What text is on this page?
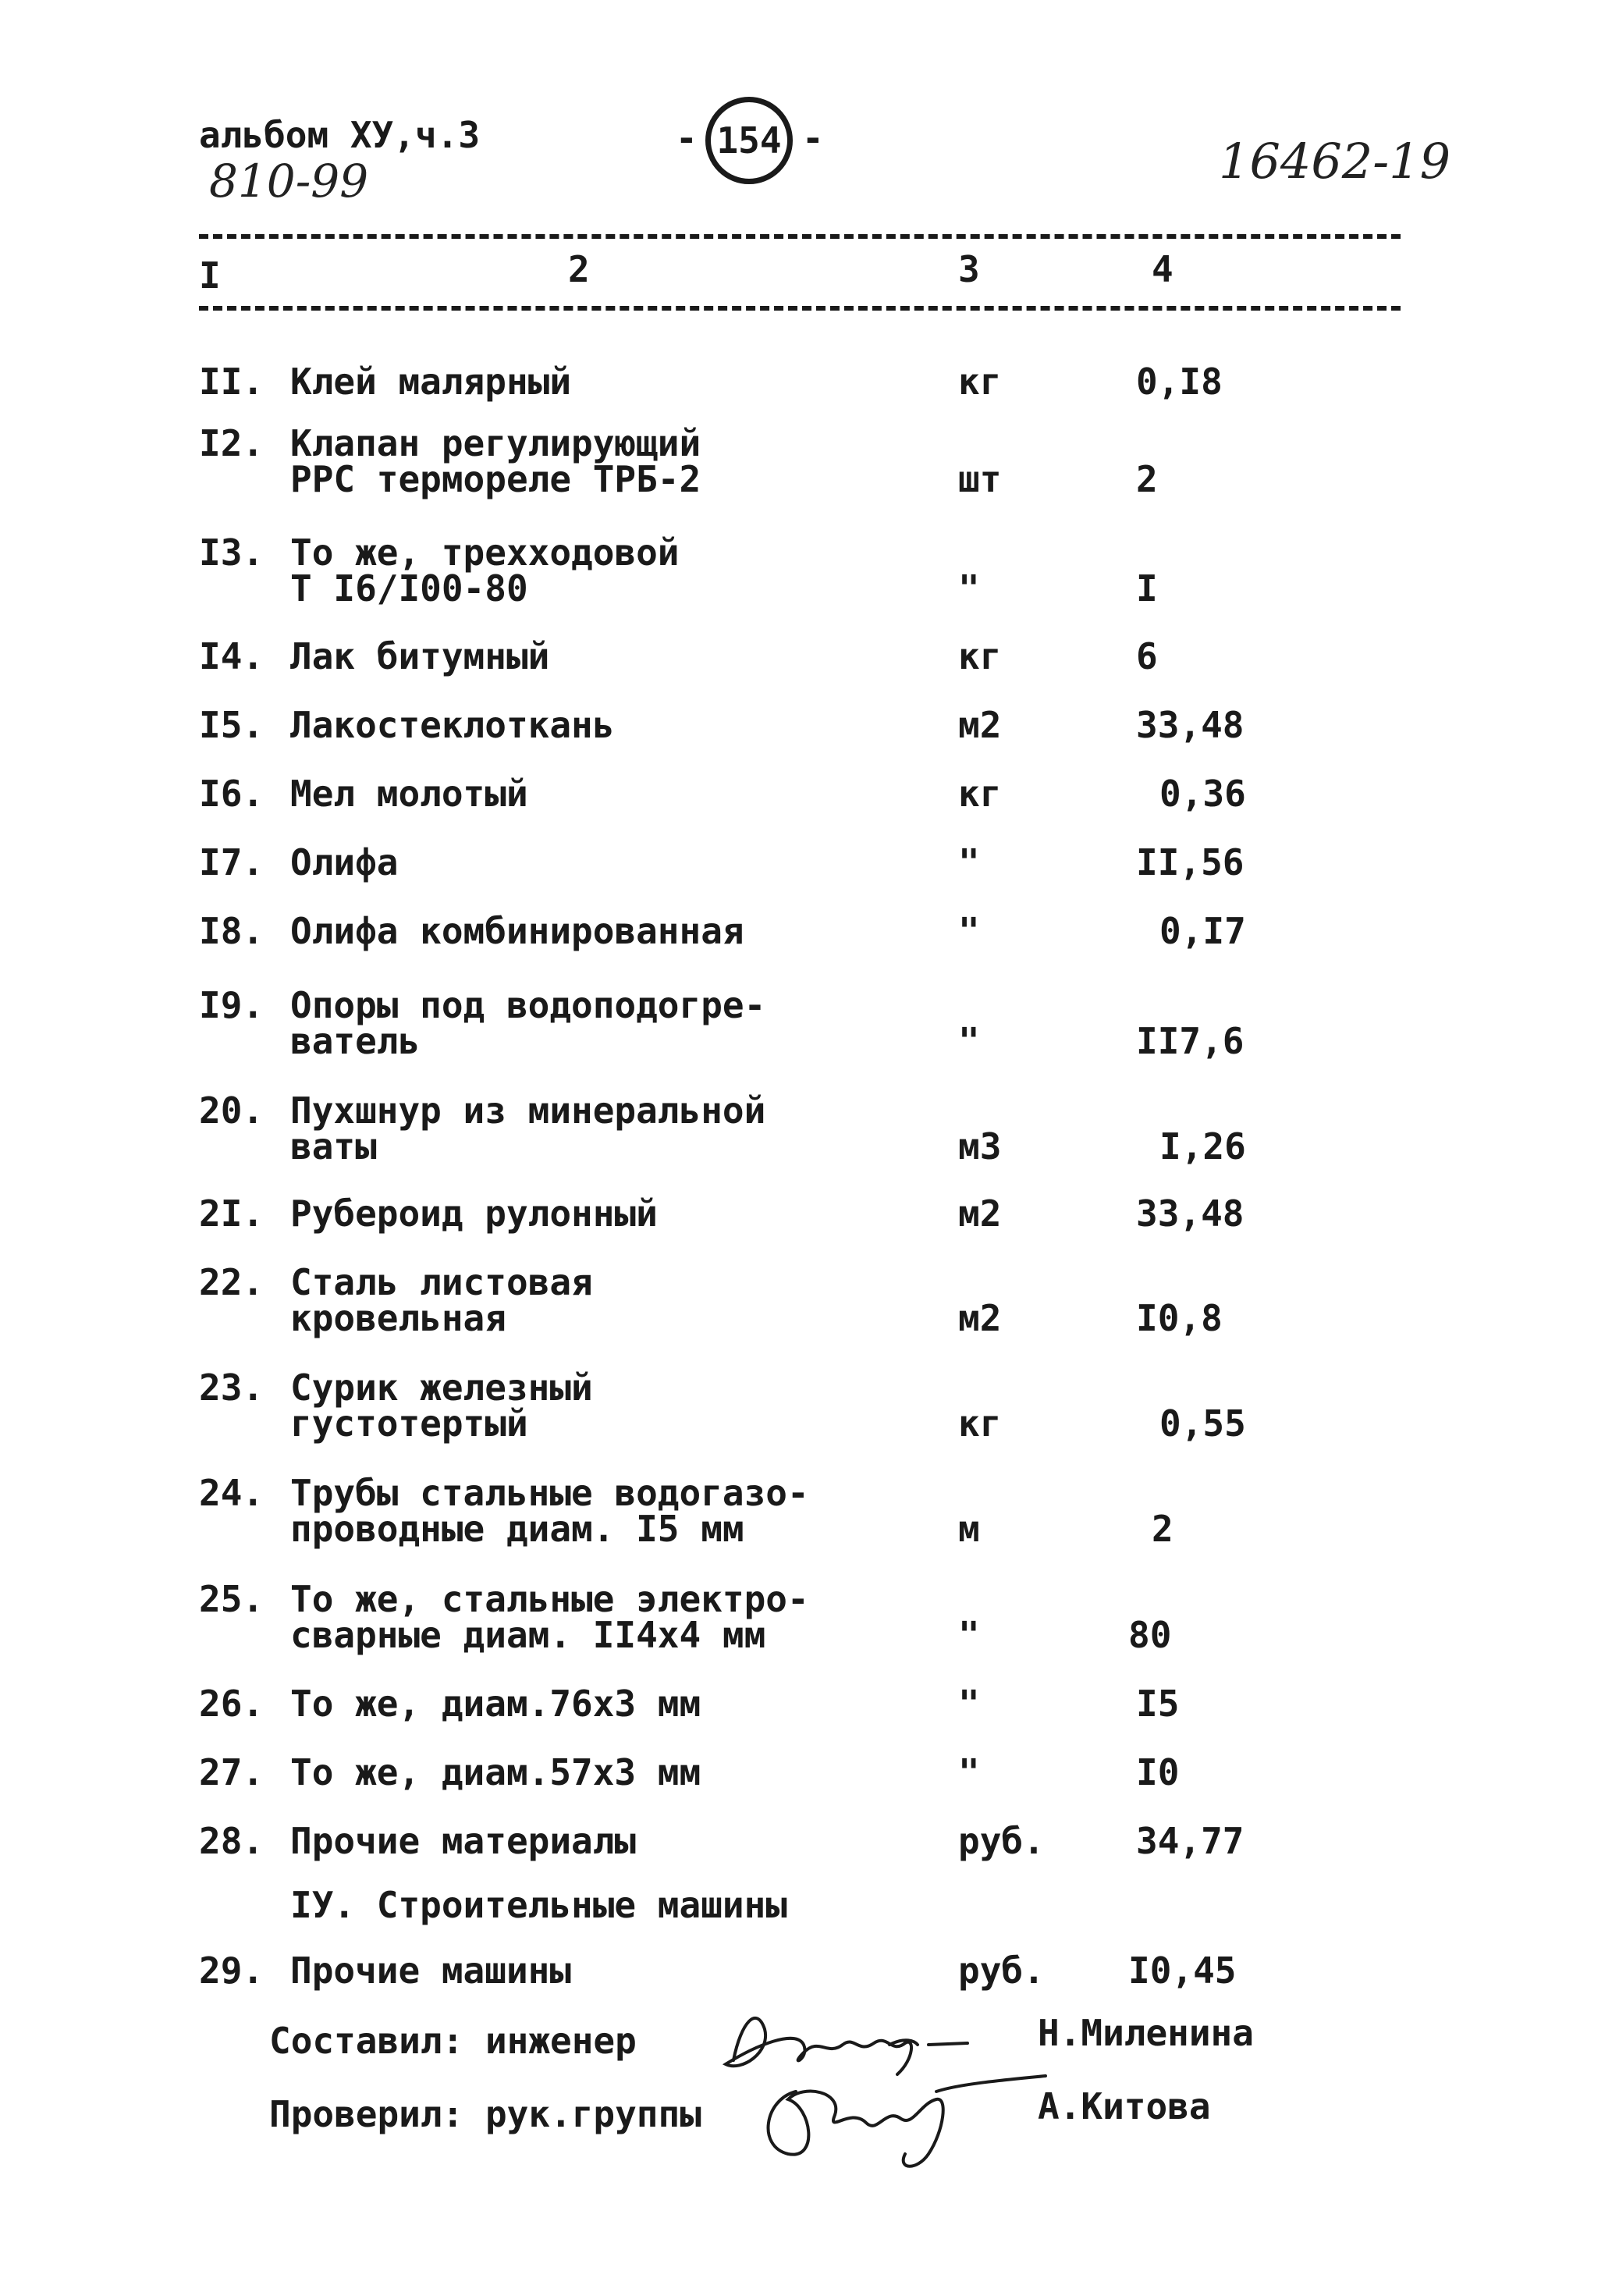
альбом ХУ,ч.3
810-99
- 154 -	16462-19
I	2	3	4
II. Клей малярный	кг	0,I8
I2. Клапан регулирующий
РРС термореле ТРБ-2	шт	2
I3. То же, трехходовой
Т I6/I00-80	"	I
I4. Лак битумный	кг	6
I5. Лакостеклоткань	м2	33,48
I6. Мел молотый	кг	0,36
I7. Олифа	"	II,56
I8. Олифа комбинированная	"	0,I7
I9. Опоры под водоподогре-
ватель	"	II7,6
20. Пухшнур из минеральной
ваты	м3	I,26
2I. Рубероид рулонный	м2	33,48
22. Сталь листовая
кровельная	м2	I0,8
23. Сурик железный
густотертый	кг	0,55
24. Трубы стальные водогазо-
проводные диам. I5 мм	м	2
25. То же, стальные электро-
сварные диам. II4х4 мм	"	80
26. То же, диам.76х3 мм	"	I5
27. То же, диам.57х3 мм	"	I0
28. Прочие материалы	руб.	34,77
IУ. Строительные машины
29. Прочие машины	руб. I0,45
Составил: инженер	Н.Миленина
Проверил: рук.группы	А.Китова
